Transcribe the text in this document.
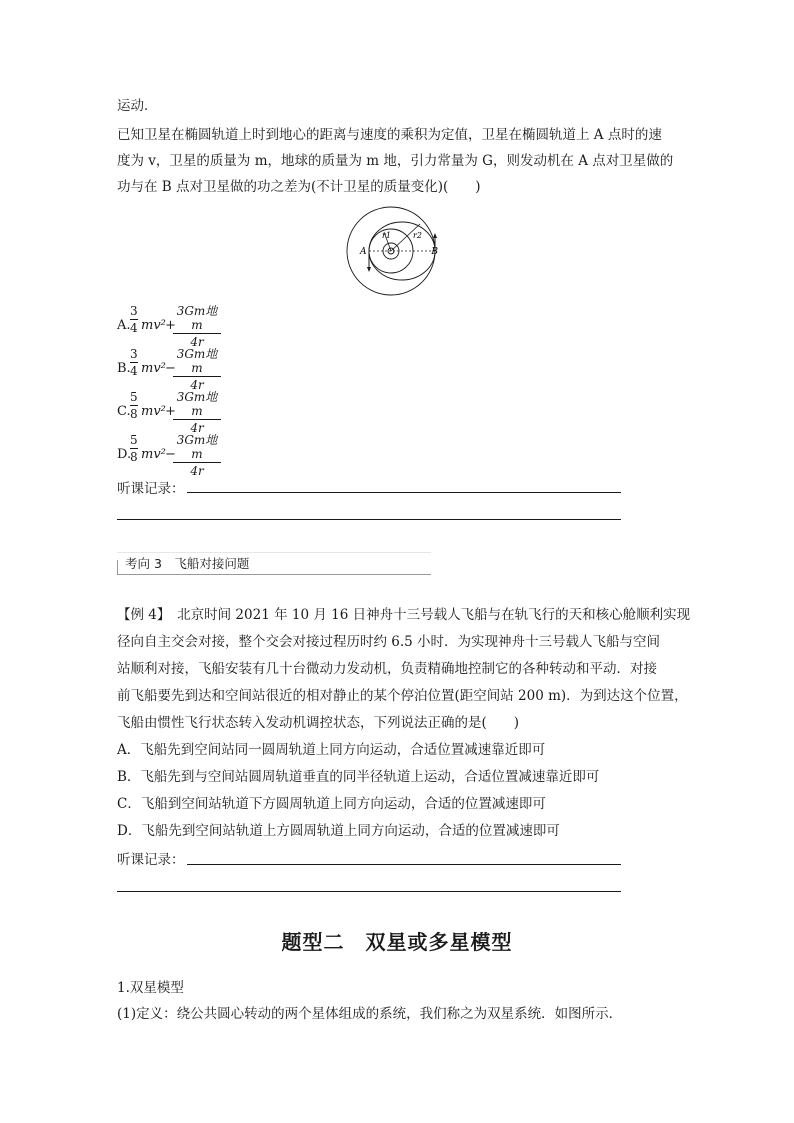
运动．
已知卫星在椭圆轨道上时到地心的距离与速度的乘积为定值，卫星在椭圆轨道上 A 点时的速
度为 v，卫星的质量为 m，地球的质量为 m 地，引力常量为 G，则发动机在 A 点对卫星做的
功与在 B 点对卫星做的功之差为(不计卫星的质量变化)(　　)
r1	r2
A	B
A.
3
4 mv² +
3Gm地m
4r
B.
3
4 mv² −
3Gm地m
4r
C.
5
8 mv² +
3Gm地m
4r
D.
5
8 mv² −
3Gm地m
4r
听课记录：
考向 3　飞船对接问题
【例 4】　北京时间 2021 年 10 月 16 日神舟十三号载人飞船与在轨飞行的天和核心舱顺利实现
径向自主交会对接，整个交会对接过程历时约 6.5 小时．为实现神舟十三号载人飞船与空间
站顺利对接，飞船安装有几十台微动力发动机，负责精确地控制它的各种转动和平动．对接
前飞船要先到达和空间站很近的相对静止的某个停泊位置(距空间站 200 m)．为到达这个位置，
飞船由惯性飞行状态转入发动机调控状态，下列说法正确的是(　　)
A．飞船先到空间站同一圆周轨道上同方向运动，合适位置减速靠近即可
B．飞船先到与空间站圆周轨道垂直的同半径轨道上运动，合适位置减速靠近即可
C．飞船到空间站轨道下方圆周轨道上同方向运动，合适的位置减速即可
D．飞船先到空间站轨道上方圆周轨道上同方向运动，合适的位置减速即可
听课记录：
题型二　双星或多星模型
1.双星模型
(1)定义：绕公共圆心转动的两个星体组成的系统，我们称之为双星系统．如图所示．
